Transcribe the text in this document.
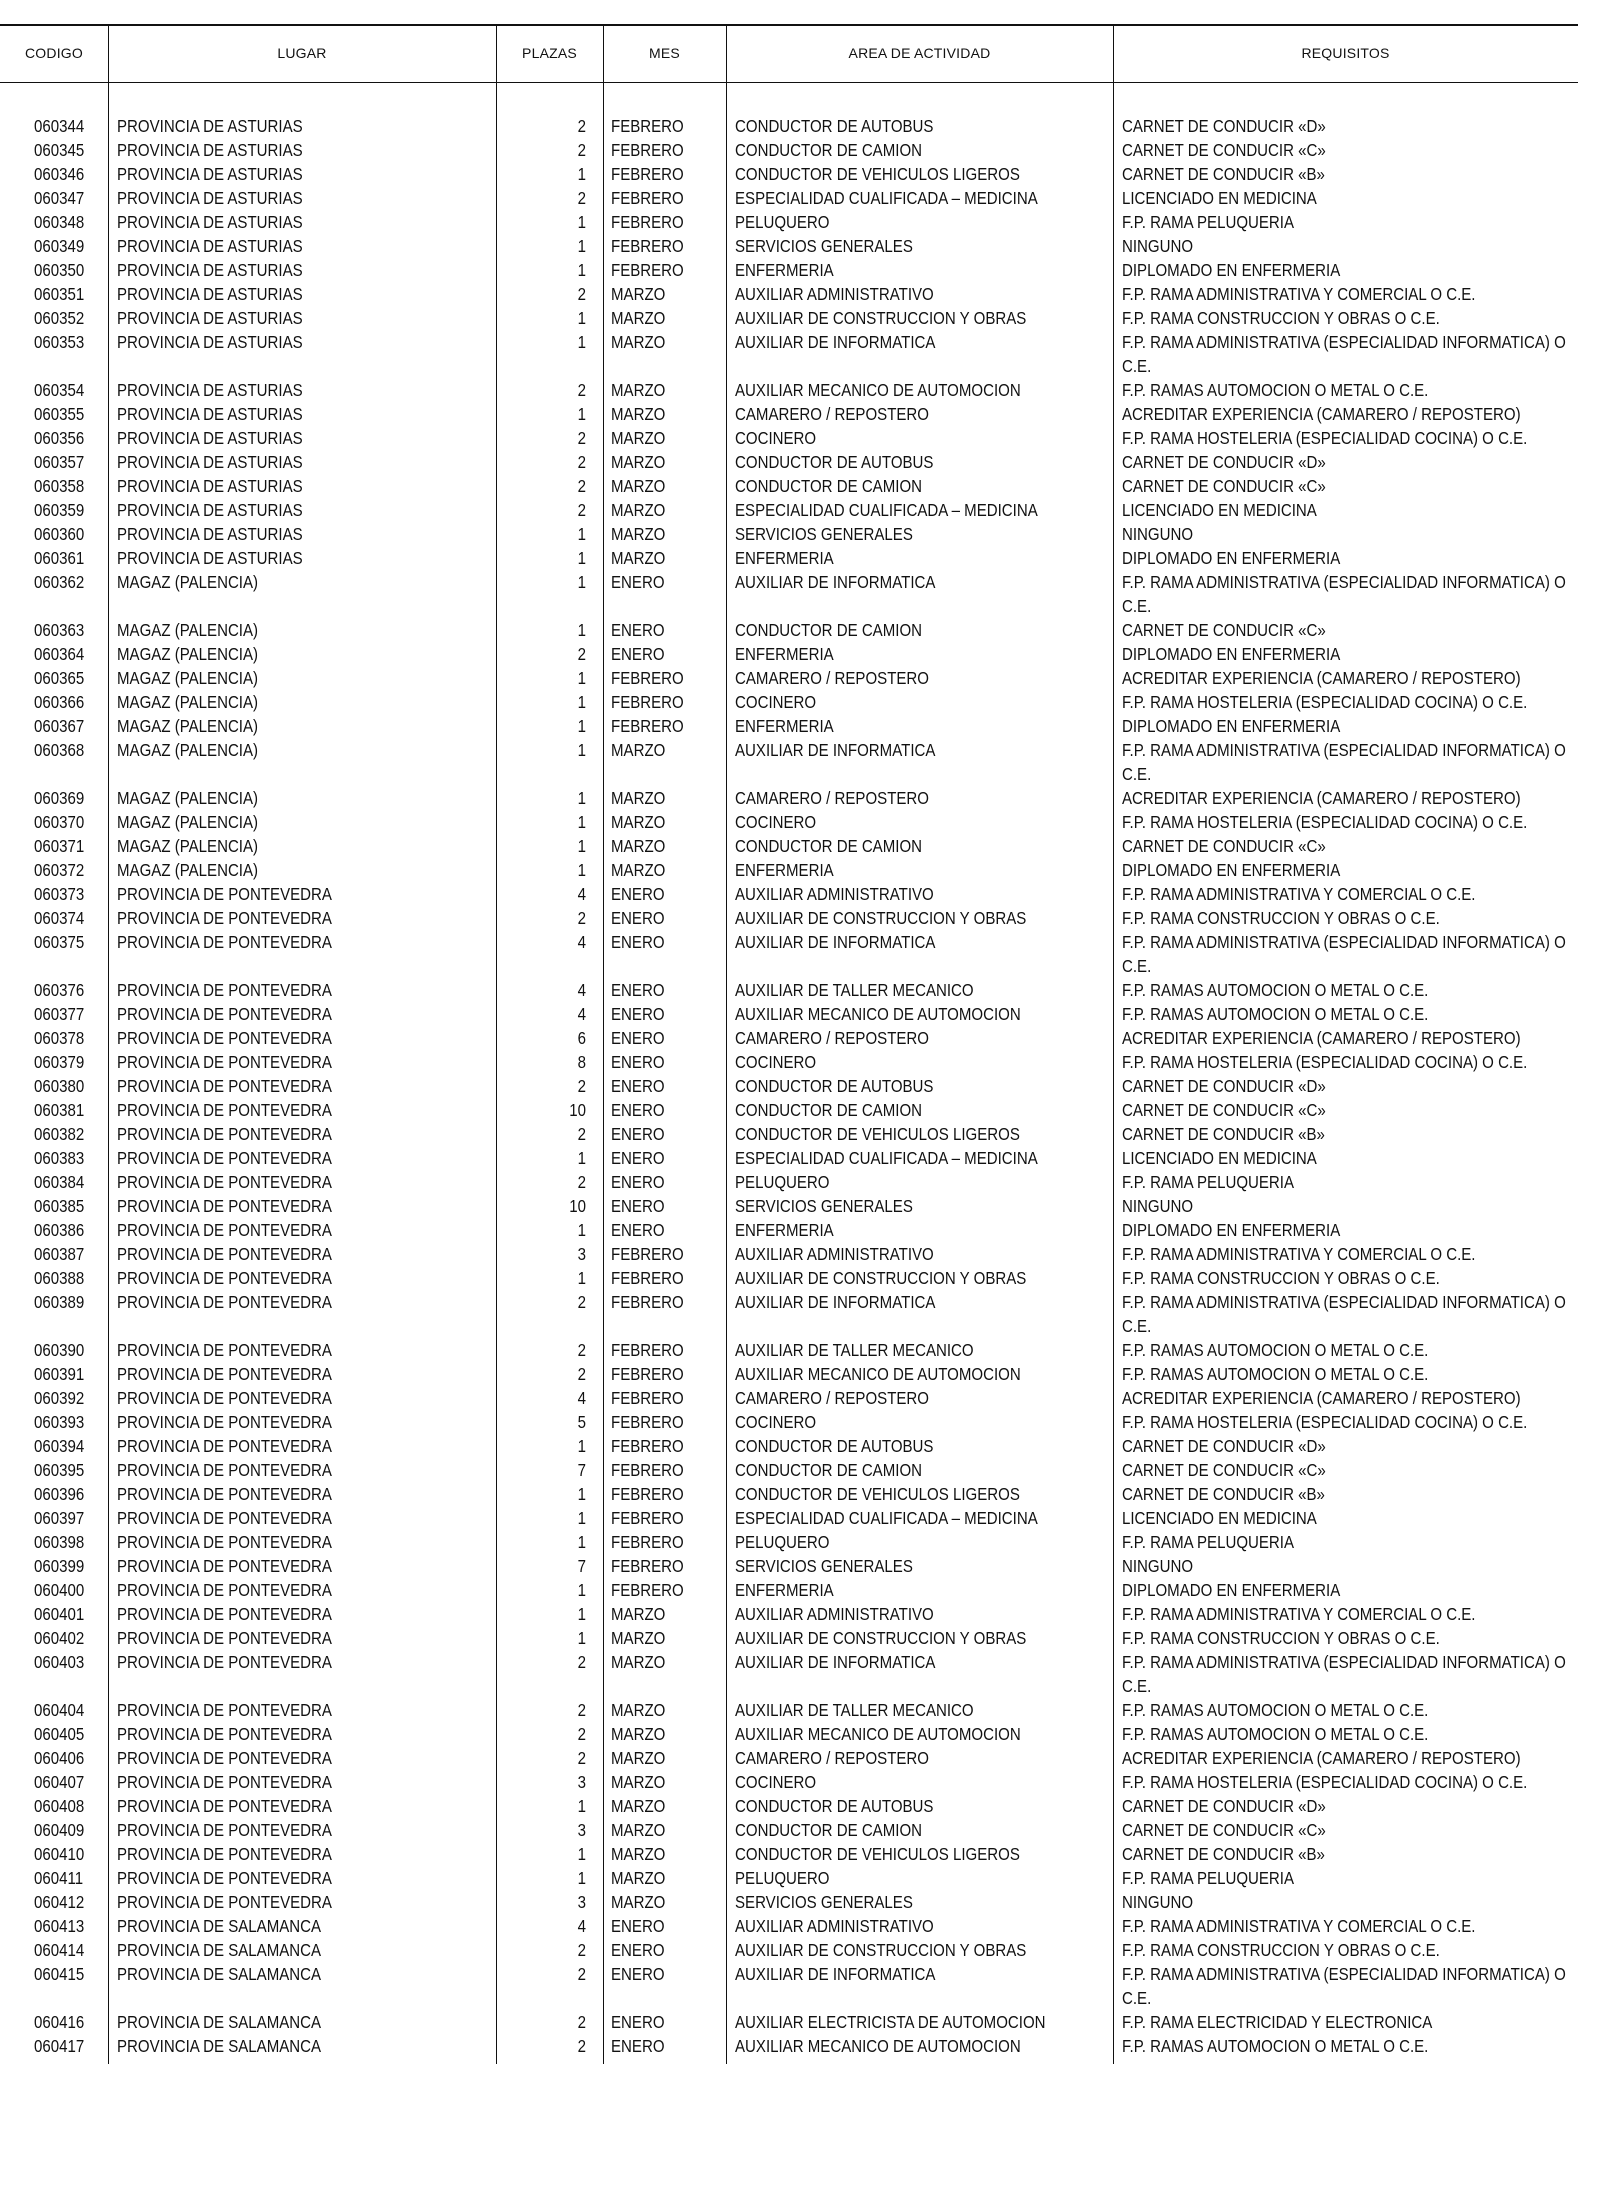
CODIGO	LUGAR	PLAZAS	MES	AREA DE ACTIVIDAD	REQUISITOS
060344 PROVINCIA DE ASTURIAS	2 FEBRERO	CONDUCTOR DE AUTOBUS	CARNET DE CONDUCIR «D»
060345 PROVINCIA DE ASTURIAS	2 FEBRERO	CONDUCTOR DE CAMION	CARNET DE CONDUCIR «C»
060346 PROVINCIA DE ASTURIAS	1 FEBRERO	CONDUCTOR DE VEHICULOS LIGEROS	CARNET DE CONDUCIR «B»
060347 PROVINCIA DE ASTURIAS	2 FEBRERO	ESPECIALIDAD CUALIFICADA – MEDICINA	LICENCIADO EN MEDICINA
060348 PROVINCIA DE ASTURIAS	1 FEBRERO	PELUQUERO	F.P. RAMA PELUQUERIA
060349 PROVINCIA DE ASTURIAS	1 FEBRERO	SERVICIOS GENERALES	NINGUNO
060350 PROVINCIA DE ASTURIAS	1 FEBRERO	ENFERMERIA	DIPLOMADO EN ENFERMERIA
060351 PROVINCIA DE ASTURIAS	2 MARZO	AUXILIAR ADMINISTRATIVO	F.P. RAMA ADMINISTRATIVA Y COMERCIAL O C.E.
060352 PROVINCIA DE ASTURIAS	1 MARZO	AUXILIAR DE CONSTRUCCION Y OBRAS	F.P. RAMA CONSTRUCCION Y OBRAS O C.E.
060353 PROVINCIA DE ASTURIAS	1 MARZO	AUXILIAR DE INFORMATICA	F.P. RAMA ADMINISTRATIVA (ESPECIALIDAD INFORMATICA) O C.E.
060354 PROVINCIA DE ASTURIAS	2 MARZO	AUXILIAR MECANICO DE AUTOMOCION	F.P. RAMAS AUTOMOCION O METAL O C.E.
060355 PROVINCIA DE ASTURIAS	1 MARZO	CAMARERO / REPOSTERO	ACREDITAR EXPERIENCIA (CAMARERO / REPOSTERO)
060356 PROVINCIA DE ASTURIAS	2 MARZO	COCINERO	F.P. RAMA HOSTELERIA (ESPECIALIDAD COCINA) O C.E.
060357 PROVINCIA DE ASTURIAS	2 MARZO	CONDUCTOR DE AUTOBUS	CARNET DE CONDUCIR «D»
060358 PROVINCIA DE ASTURIAS	2 MARZO	CONDUCTOR DE CAMION	CARNET DE CONDUCIR «C»
060359 PROVINCIA DE ASTURIAS	2 MARZO	ESPECIALIDAD CUALIFICADA – MEDICINA	LICENCIADO EN MEDICINA
060360 PROVINCIA DE ASTURIAS	1 MARZO	SERVICIOS GENERALES	NINGUNO
060361 PROVINCIA DE ASTURIAS	1 MARZO	ENFERMERIA	DIPLOMADO EN ENFERMERIA
060362 MAGAZ (PALENCIA)	1 ENERO	AUXILIAR DE INFORMATICA	F.P. RAMA ADMINISTRATIVA (ESPECIALIDAD INFORMATICA) O C.E.
060363 MAGAZ (PALENCIA)	1 ENERO	CONDUCTOR DE CAMION	CARNET DE CONDUCIR «C»
060364 MAGAZ (PALENCIA)	2 ENERO	ENFERMERIA	DIPLOMADO EN ENFERMERIA
060365 MAGAZ (PALENCIA)	1 FEBRERO	CAMARERO / REPOSTERO	ACREDITAR EXPERIENCIA (CAMARERO / REPOSTERO)
060366 MAGAZ (PALENCIA)	1 FEBRERO	COCINERO	F.P. RAMA HOSTELERIA (ESPECIALIDAD COCINA) O C.E.
060367 MAGAZ (PALENCIA)	1 FEBRERO	ENFERMERIA	DIPLOMADO EN ENFERMERIA
060368 MAGAZ (PALENCIA)	1 MARZO	AUXILIAR DE INFORMATICA	F.P. RAMA ADMINISTRATIVA (ESPECIALIDAD INFORMATICA) O C.E.
060369 MAGAZ (PALENCIA)	1 MARZO	CAMARERO / REPOSTERO	ACREDITAR EXPERIENCIA (CAMARERO / REPOSTERO)
060370 MAGAZ (PALENCIA)	1 MARZO	COCINERO	F.P. RAMA HOSTELERIA (ESPECIALIDAD COCINA) O C.E.
060371 MAGAZ (PALENCIA)	1 MARZO	CONDUCTOR DE CAMION	CARNET DE CONDUCIR «C»
060372 MAGAZ (PALENCIA)	1 MARZO	ENFERMERIA	DIPLOMADO EN ENFERMERIA
060373 PROVINCIA DE PONTEVEDRA	4 ENERO	AUXILIAR ADMINISTRATIVO	F.P. RAMA ADMINISTRATIVA Y COMERCIAL O C.E.
060374 PROVINCIA DE PONTEVEDRA	2 ENERO	AUXILIAR DE CONSTRUCCION Y OBRAS	F.P. RAMA CONSTRUCCION Y OBRAS O C.E.
060375 PROVINCIA DE PONTEVEDRA	4 ENERO	AUXILIAR DE INFORMATICA	F.P. RAMA ADMINISTRATIVA (ESPECIALIDAD INFORMATICA) O C.E.
060376 PROVINCIA DE PONTEVEDRA	4 ENERO	AUXILIAR DE TALLER MECANICO	F.P. RAMAS AUTOMOCION O METAL O C.E.
060377 PROVINCIA DE PONTEVEDRA	4 ENERO	AUXILIAR MECANICO DE AUTOMOCION	F.P. RAMAS AUTOMOCION O METAL O C.E.
060378 PROVINCIA DE PONTEVEDRA	6 ENERO	CAMARERO / REPOSTERO	ACREDITAR EXPERIENCIA (CAMARERO / REPOSTERO)
060379 PROVINCIA DE PONTEVEDRA	8 ENERO	COCINERO	F.P. RAMA HOSTELERIA (ESPECIALIDAD COCINA) O C.E.
060380 PROVINCIA DE PONTEVEDRA	2 ENERO	CONDUCTOR DE AUTOBUS	CARNET DE CONDUCIR «D»
060381 PROVINCIA DE PONTEVEDRA	10 ENERO	CONDUCTOR DE CAMION	CARNET DE CONDUCIR «C»
060382 PROVINCIA DE PONTEVEDRA	2 ENERO	CONDUCTOR DE VEHICULOS LIGEROS	CARNET DE CONDUCIR «B»
060383 PROVINCIA DE PONTEVEDRA	1 ENERO	ESPECIALIDAD CUALIFICADA – MEDICINA	LICENCIADO EN MEDICINA
060384 PROVINCIA DE PONTEVEDRA	2 ENERO	PELUQUERO	F.P. RAMA PELUQUERIA
060385 PROVINCIA DE PONTEVEDRA	10 ENERO	SERVICIOS GENERALES	NINGUNO
060386 PROVINCIA DE PONTEVEDRA	1 ENERO	ENFERMERIA	DIPLOMADO EN ENFERMERIA
060387 PROVINCIA DE PONTEVEDRA	3 FEBRERO	AUXILIAR ADMINISTRATIVO	F.P. RAMA ADMINISTRATIVA Y COMERCIAL O C.E.
060388 PROVINCIA DE PONTEVEDRA	1 FEBRERO	AUXILIAR DE CONSTRUCCION Y OBRAS	F.P. RAMA CONSTRUCCION Y OBRAS O C.E.
060389 PROVINCIA DE PONTEVEDRA	2 FEBRERO	AUXILIAR DE INFORMATICA	F.P. RAMA ADMINISTRATIVA (ESPECIALIDAD INFORMATICA) O C.E.
060390 PROVINCIA DE PONTEVEDRA	2 FEBRERO	AUXILIAR DE TALLER MECANICO	F.P. RAMAS AUTOMOCION O METAL O C.E.
060391 PROVINCIA DE PONTEVEDRA	2 FEBRERO	AUXILIAR MECANICO DE AUTOMOCION	F.P. RAMAS AUTOMOCION O METAL O C.E.
060392 PROVINCIA DE PONTEVEDRA	4 FEBRERO	CAMARERO / REPOSTERO	ACREDITAR EXPERIENCIA (CAMARERO / REPOSTERO)
060393 PROVINCIA DE PONTEVEDRA	5 FEBRERO	COCINERO	F.P. RAMA HOSTELERIA (ESPECIALIDAD COCINA) O C.E.
060394 PROVINCIA DE PONTEVEDRA	1 FEBRERO	CONDUCTOR DE AUTOBUS	CARNET DE CONDUCIR «D»
060395 PROVINCIA DE PONTEVEDRA	7 FEBRERO	CONDUCTOR DE CAMION	CARNET DE CONDUCIR «C»
060396 PROVINCIA DE PONTEVEDRA	1 FEBRERO	CONDUCTOR DE VEHICULOS LIGEROS	CARNET DE CONDUCIR «B»
060397 PROVINCIA DE PONTEVEDRA	1 FEBRERO	ESPECIALIDAD CUALIFICADA – MEDICINA	LICENCIADO EN MEDICINA
060398 PROVINCIA DE PONTEVEDRA	1 FEBRERO	PELUQUERO	F.P. RAMA PELUQUERIA
060399 PROVINCIA DE PONTEVEDRA	7 FEBRERO	SERVICIOS GENERALES	NINGUNO
060400 PROVINCIA DE PONTEVEDRA	1 FEBRERO	ENFERMERIA	DIPLOMADO EN ENFERMERIA
060401 PROVINCIA DE PONTEVEDRA	1 MARZO	AUXILIAR ADMINISTRATIVO	F.P. RAMA ADMINISTRATIVA Y COMERCIAL O C.E.
060402 PROVINCIA DE PONTEVEDRA	1 MARZO	AUXILIAR DE CONSTRUCCION Y OBRAS	F.P. RAMA CONSTRUCCION Y OBRAS O C.E.
060403 PROVINCIA DE PONTEVEDRA	2 MARZO	AUXILIAR DE INFORMATICA	F.P. RAMA ADMINISTRATIVA (ESPECIALIDAD INFORMATICA) O C.E.
060404 PROVINCIA DE PONTEVEDRA	2 MARZO	AUXILIAR DE TALLER MECANICO	F.P. RAMAS AUTOMOCION O METAL O C.E.
060405 PROVINCIA DE PONTEVEDRA	2 MARZO	AUXILIAR MECANICO DE AUTOMOCION	F.P. RAMAS AUTOMOCION O METAL O C.E.
060406 PROVINCIA DE PONTEVEDRA	2 MARZO	CAMARERO / REPOSTERO	ACREDITAR EXPERIENCIA (CAMARERO / REPOSTERO)
060407 PROVINCIA DE PONTEVEDRA	3 MARZO	COCINERO	F.P. RAMA HOSTELERIA (ESPECIALIDAD COCINA) O C.E.
060408 PROVINCIA DE PONTEVEDRA	1 MARZO	CONDUCTOR DE AUTOBUS	CARNET DE CONDUCIR «D»
060409 PROVINCIA DE PONTEVEDRA	3 MARZO	CONDUCTOR DE CAMION	CARNET DE CONDUCIR «C»
060410 PROVINCIA DE PONTEVEDRA	1 MARZO	CONDUCTOR DE VEHICULOS LIGEROS	CARNET DE CONDUCIR «B»
060411 PROVINCIA DE PONTEVEDRA	1 MARZO	PELUQUERO	F.P. RAMA PELUQUERIA
060412 PROVINCIA DE PONTEVEDRA	3 MARZO	SERVICIOS GENERALES	NINGUNO
060413 PROVINCIA DE SALAMANCA	4 ENERO	AUXILIAR ADMINISTRATIVO	F.P. RAMA ADMINISTRATIVA Y COMERCIAL O C.E.
060414 PROVINCIA DE SALAMANCA	2 ENERO	AUXILIAR DE CONSTRUCCION Y OBRAS	F.P. RAMA CONSTRUCCION Y OBRAS O C.E.
060415 PROVINCIA DE SALAMANCA	2 ENERO	AUXILIAR DE INFORMATICA	F.P. RAMA ADMINISTRATIVA (ESPECIALIDAD INFORMATICA) O C.E.
060416 PROVINCIA DE SALAMANCA	2 ENERO	AUXILIAR ELECTRICISTA DE AUTOMOCION	F.P. RAMA ELECTRICIDAD Y ELECTRONICA
060417 PROVINCIA DE SALAMANCA	2 ENERO	AUXILIAR MECANICO DE AUTOMOCION	F.P. RAMAS AUTOMOCION O METAL O C.E.
